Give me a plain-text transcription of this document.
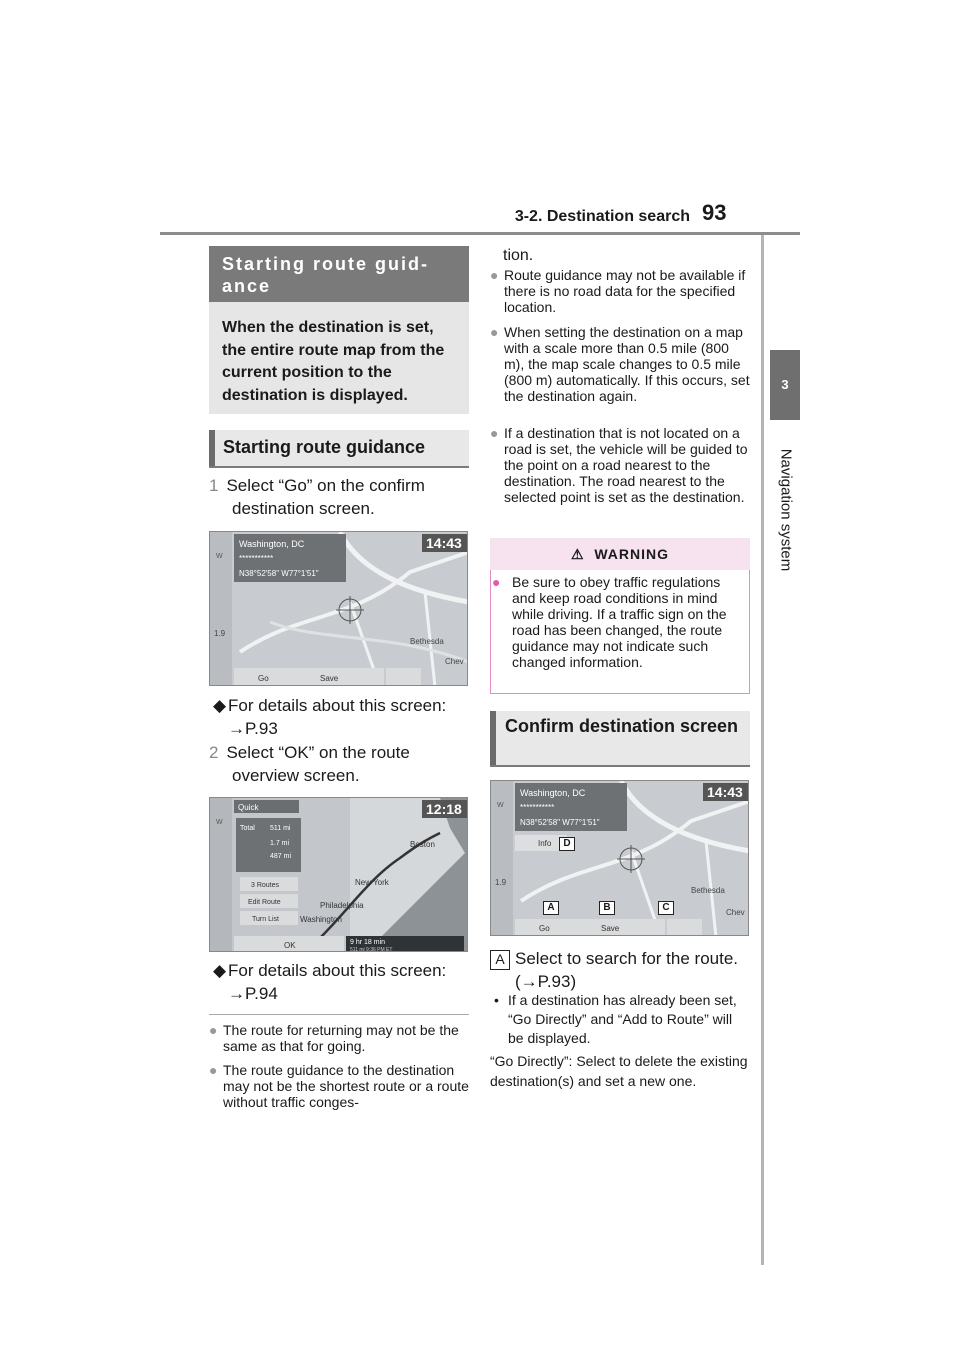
3-2. Destination search 93
3
Navigation system
Starting route guid-
ance
When the destination is set, the entire route map from the current position to the destination is displayed.
Starting route guidance
1 Select “Go” on the confirm destination screen.
Washington, DC
***********
N38°52'58" W77°1'51"
14:43
Bethesda
Chev
W
1.9
Go	Save
◆ For details about this screen:
→P.93
2 Select “OK” on the route overview screen.
Quick	12:18
Total 511 mi
1.7 mi
487 mi
3 Routes
Edit Route
Turn List
Boston
New York
Philadelphia
Washington
W
OK	9 hr 18 min
511 mi 9:36 PM ET
◆ For details about this screen:
→P.94
● The route for returning may not be the same as that for going.
● The route guidance to the destination may not be the shortest route or a route without traffic conges-
tion.
● Route guidance may not be available if there is no road data for the specified location.
● When setting the destination on a map with a scale more than 0.5 mile (800 m), the map scale changes to 0.5 mile (800 m) automatically. If this occurs, set the destination again.
● If a destination that is not located on a road is set, the vehicle will be guided to the point on a road nearest to the destination. The road nearest to the selected point is set as the destination.
⚠ WARNING
● Be sure to obey traffic regulations and keep road conditions in mind while driving. If a traffic sign on the road has been changed, the route guidance may not indicate such changed information.
Confirm destination screen
Washington, DC
***********
N38°52'58" W77°1'51"
Info
14:43
Bethesda
Chev
W
1.9
Go	Save
D
A	B	C
A Select to search for the route.
(→P.93)
• If a destination has already been set, “Go Directly” and “Add to Route” will be displayed.
“Go Directly”: Select to delete the existing destination(s) and set a new one.
